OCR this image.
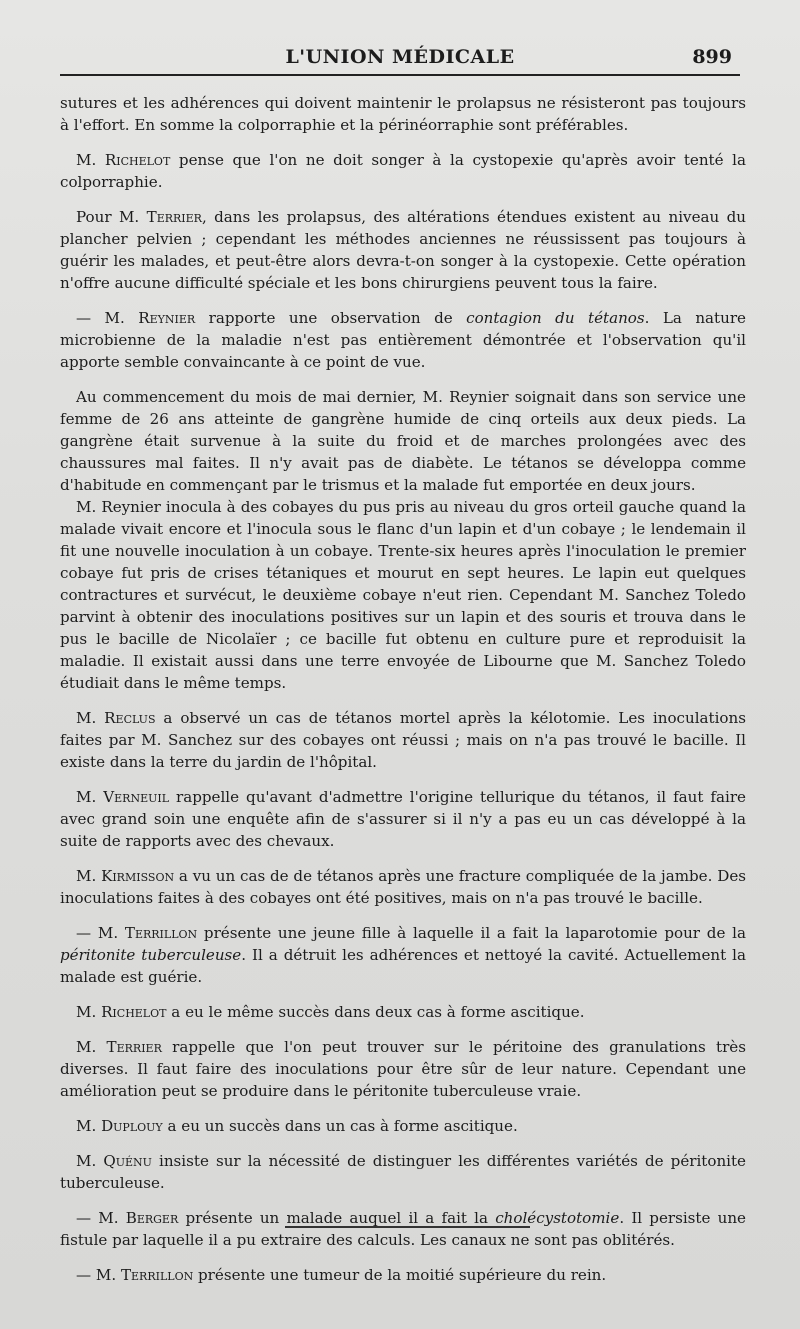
L'UNION MÉDICALE	899

sutures et les adhérences qui doivent maintenir le prolapsus ne résisteront pas toujours à l'effort. En somme la colporraphie et la périnéorraphie sont préférables.

M. Richelot pense que l'on ne doit songer à la cystopexie qu'après avoir tenté la colporraphie.

Pour M. Terrier, dans les prolapsus, des altérations étendues existent au niveau du plancher pelvien ; cependant les méthodes anciennes ne réussissent pas toujours à guérir les malades, et peut-être alors devra-t-on songer à la cystopexie. Cette opération n'offre aucune difficulté spéciale et les bons chirurgiens peuvent tous la faire.

— M. Reynier rapporte une observation de contagion du tétanos. La nature microbienne de la maladie n'est pas entièrement démontrée et l'observation qu'il apporte semble convaincante à ce point de vue.

Au commencement du mois de mai dernier, M. Reynier soignait dans son service une femme de 26 ans atteinte de gangrène humide de cinq orteils aux deux pieds. La gangrène était survenue à la suite du froid et de marches prolongées avec des chaussures mal faites. Il n'y avait pas de diabète. Le tétanos se développa comme d'habitude en commençant par le trismus et la malade fut emportée en deux jours.

M. Reynier inocula à des cobayes du pus pris au niveau du gros orteil gauche quand la malade vivait encore et l'inocula sous le flanc d'un lapin et d'un cobaye ; le lendemain il fit une nouvelle inoculation à un cobaye. Trente-six heures après l'inoculation le premier cobaye fut pris de crises tétaniques et mourut en sept heures. Le lapin eut quelques contractures et survécut, le deuxième cobaye n'eut rien. Cependant M. Sanchez Toledo parvint à obtenir des inoculations positives sur un lapin et des souris et trouva dans le pus le bacille de Nicolaïer ; ce bacille fut obtenu en culture pure et reproduisit la maladie. Il existait aussi dans une terre envoyée de Libourne que M. Sanchez Toledo étudiait dans le même temps.

M. Reclus a observé un cas de tétanos mortel après la kélotomie. Les inoculations faites par M. Sanchez sur des cobayes ont réussi ; mais on n'a pas trouvé le bacille. Il existe dans la terre du jardin de l'hôpital.

M. Verneuil rappelle qu'avant d'admettre l'origine tellurique du tétanos, il faut faire avec grand soin une enquête afin de s'assurer si il n'y a pas eu un cas développé à la suite de rapports avec des chevaux.

M. Kirmisson a vu un cas de de tétanos après une fracture compliquée de la jambe. Des inoculations faites à des cobayes ont été positives, mais on n'a pas trouvé le bacille.

— M. Terrillon présente une jeune fille à laquelle il a fait la laparotomie pour de la péritonite tuberculeuse. Il a détruit les adhérences et nettoyé la cavité. Actuellement la malade est guérie.

M. Richelot a eu le même succès dans deux cas à forme ascitique.

M. Terrier rappelle que l'on peut trouver sur le péritoine des granulations très diverses. Il faut faire des inoculations pour être sûr de leur nature. Cependant une amélioration peut se produire dans le péritonite tuberculeuse vraie.

M. Duplouy a eu un succès dans un cas à forme ascitique.

M. Quénu insiste sur la nécessité de distinguer les différentes variétés de péritonite tuberculeuse.

— M. Berger présente un malade auquel il a fait la cholécystotomie. Il persiste une fistule par laquelle il a pu extraire des calculs. Les canaux ne sont pas oblitérés.

— M. Terrillon présente une tumeur de la moitié supérieure du rein.
